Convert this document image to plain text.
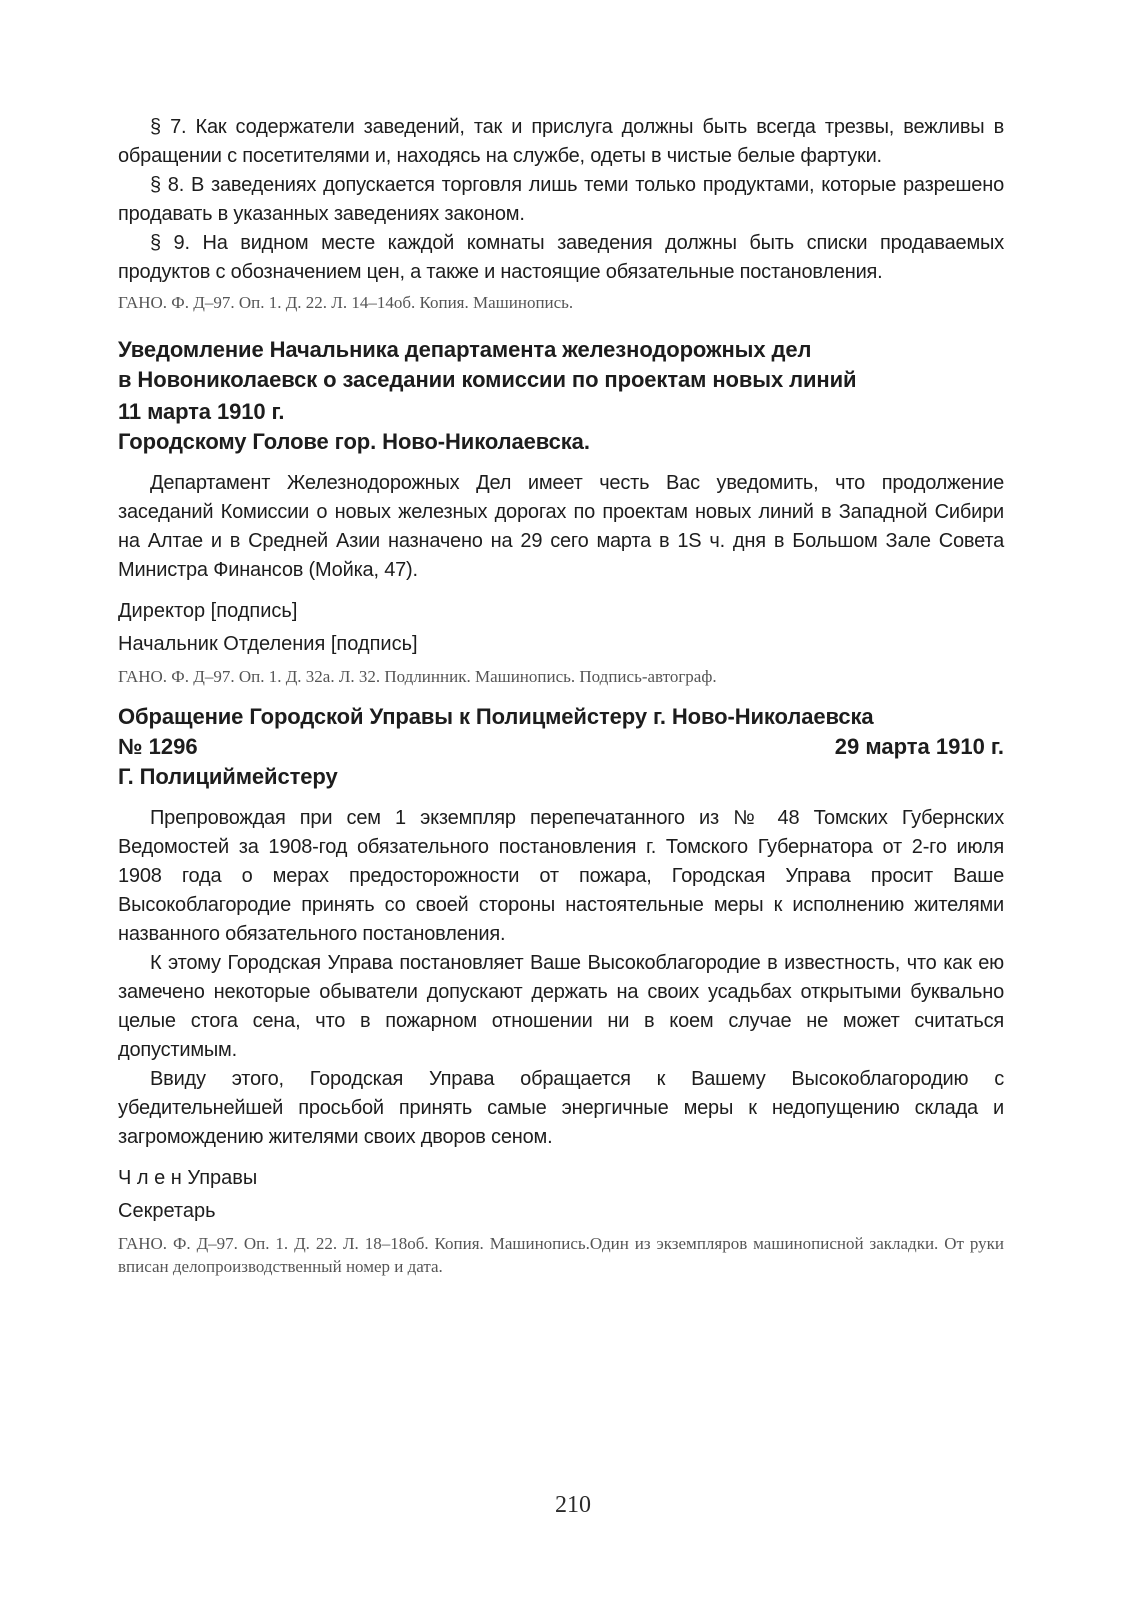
§ 7. Как содержатели заведений, так и прислуга должны быть всегда трезвы, вежливы в обращении с посетителями и, находясь на службе, одеты в чистые белые фартуки.

§ 8. В заведениях допускается торговля лишь теми только продуктами, которые разрешено продавать в указанных заведениях законом.

§ 9. На видном месте каждой комнаты заведения должны быть списки продаваемых продуктов с обозначением цен, а также и настоящие обязательные постановления.

ГАНО. Ф. Д–97. Оп. 1. Д. 22. Л. 14–14об. Копия. Машинопись.

Уведомление Начальника департамента железнодорожных дел

в Новониколаевск о заседании комиссии по проектам новых линий

11 марта 1910 г.

Городскому Голове гор. Ново-Николаевска.

Департамент Железнодорожных Дел имеет честь Вас уведомить, что продолжение заседаний Комиссии о новых железных дорогах по проектам новых линий в Западной Сибири на Алтае и в Средней Азии назначено на 29 сего марта в 1S ч. дня в Большом Зале Совета Министра Финансов (Мойка, 47).

Директор [подпись]

Начальник Отделения [подпись]

ГАНО. Ф. Д–97. Оп. 1. Д. 32а. Л. 32. Подлинник. Машинопись. Подпись-автограф.

Обращение Городской Управы к Полицмейстеру г. Ново-Николаевска

№ 1296	29 марта 1910 г.

Г. Полициймейстеру

Препровождая при сем 1 экземпляр перепечатанного из № 48 Томских Губернских Ведомостей за 1908-год обязательного постановления г. Томского Губернатора от 2-го июля 1908 года о мерах предосторожности от пожара, Городская Управа просит Ваше Высокоблагородие принять со своей стороны настоятельные меры к исполнению жителями названного обязательного постановления.

К этому Городская Управа постановляет Ваше Высокоблагородие в известность, что как ею замечено некоторые обыватели допускают держать на своих усадьбах открытыми буквально целые стога сена, что в пожарном отношении ни в коем случае не может считаться допустимым.

Ввиду этого, Городская Управа обращается к Вашему Высокоблагородию с убедительнейшей просьбой принять самые энергичные меры к недопущению склада и загромождению жителями своих дворов сеном.

Ч л е н Управы

Секретарь

ГАНО. Ф. Д–97. Оп. 1. Д. 22. Л. 18–18об. Копия. Машинопись.Один из экземпляров машинописной закладки. От руки вписан делопроизводственный номер и дата.

210
